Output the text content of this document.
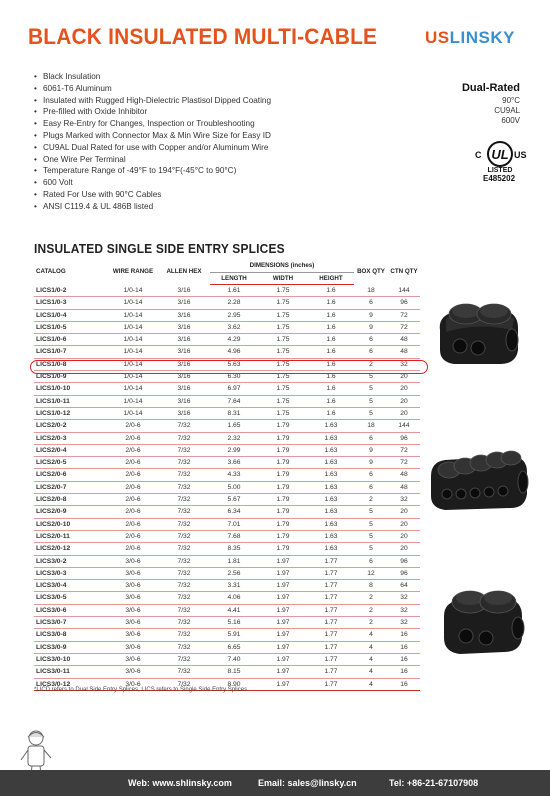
BLACK INSULATED MULTI-CABLE	USLINSKY
• Black Insulation
• 6061-T6 Aluminum
• Insulated with Rugged High-Dielectric Plastisol Dipped Coating
• Pre-filled with Oxide Inhibitor
• Easy Re-Entry for Changes, Inspection or Troubleshooting
• Plugs Marked with Connector Max & Min Wire Size for Easy ID
• CU9AL Dual Rated for use with Copper and/or Aluminum Wire
• One Wire Per Terminal
• Temperature Range of -49°F to 194°F(-45°C to 90°C)
• 600 Volt
• Rated For Use with 90°C Cables
• ANSI C119.4 & UL 486B listed
Dual-Rated
90°C
CU9AL
600V
C UL US
LISTED
E485202
INSULATED SINGLE SIDE ENTRY SPLICES
CATALOG	WIRE RANGE	ALLEN HEX	DIMENSIONS (inches)			BOX QTY	CTN QTY
			LENGTH	WIDTH	HEIGHT		
LICS1/0-2	1/0-14	3/16	1.61	1.75	1.6	18	144
LICS1/0-3	1/0-14	3/16	2.28	1.75	1.6	6	96
LICS1/0-4	1/0-14	3/16	2.95	1.75	1.6	9	72
LICS1/0-5	1/0-14	3/16	3.62	1.75	1.6	9	72
LICS1/0-6	1/0-14	3/16	4.29	1.75	1.6	6	48
LICS1/0-7	1/0-14	3/16	4.96	1.75	1.6	6	48
LICS1/0-8	1/0-14	3/16	5.63	1.75	1.6	2	32
LICS1/0-9	1/0-14	3/16	6.30	1.75	1.6	5	20
LICS1/0-10	1/0-14	3/16	6.97	1.75	1.6	5	20
LICS1/0-11	1/0-14	3/16	7.64	1.75	1.6	5	20
LICS1/0-12	1/0-14	3/16	8.31	1.75	1.6	5	20
LICS2/0-2	2/0-6	7/32	1.65	1.79	1.63	18	144
LICS2/0-3	2/0-6	7/32	2.32	1.79	1.63	6	96
LICS2/0-4	2/0-6	7/32	2.99	1.79	1.63	9	72
LICS2/0-5	2/0-6	7/32	3.66	1.79	1.63	9	72
LICS2/0-6	2/0-6	7/32	4.33	1.79	1.63	6	48
LICS2/0-7	2/0-6	7/32	5.00	1.79	1.63	6	48
LICS2/0-8	2/0-6	7/32	5.67	1.79	1.63	2	32
LICS2/0-9	2/0-6	7/32	6.34	1.79	1.63	5	20
LICS2/0-10	2/0-6	7/32	7.01	1.79	1.63	5	20
LICS2/0-11	2/0-6	7/32	7.68	1.79	1.63	5	20
LICS2/0-12	2/0-6	7/32	8.35	1.79	1.63	5	20
LICS3/0-2	3/0-6	7/32	1.81	1.97	1.77	6	96
LICS3/0-3	3/0-6	7/32	2.56	1.97	1.77	12	96
LICS3/0-4	3/0-6	7/32	3.31	1.97	1.77	8	64
LICS3/0-5	3/0-6	7/32	4.06	1.97	1.77	2	32
LICS3/0-6	3/0-6	7/32	4.41	1.97	1.77	2	32
LICS3/0-7	3/0-6	7/32	5.16	1.97	1.77	2	32
LICS3/0-8	3/0-6	7/32	5.91	1.97	1.77	4	16
LICS3/0-9	3/0-6	7/32	6.65	1.97	1.77	4	16
LICS3/0-10	3/0-6	7/32	7.40	1.97	1.77	4	16
LICS3/0-11	3/0-6	7/32	8.15	1.97	1.77	4	16
LICS3/0-12	3/0-6	7/32	8.90	1.97	1.77	4	16
*LICD refers to Dual Side Entry Splices, LICS refers to Single Side Entry Splices
Web: www.shlinsky.com	Email: sales@linsky.cn	Tel: +86-21-67107908
